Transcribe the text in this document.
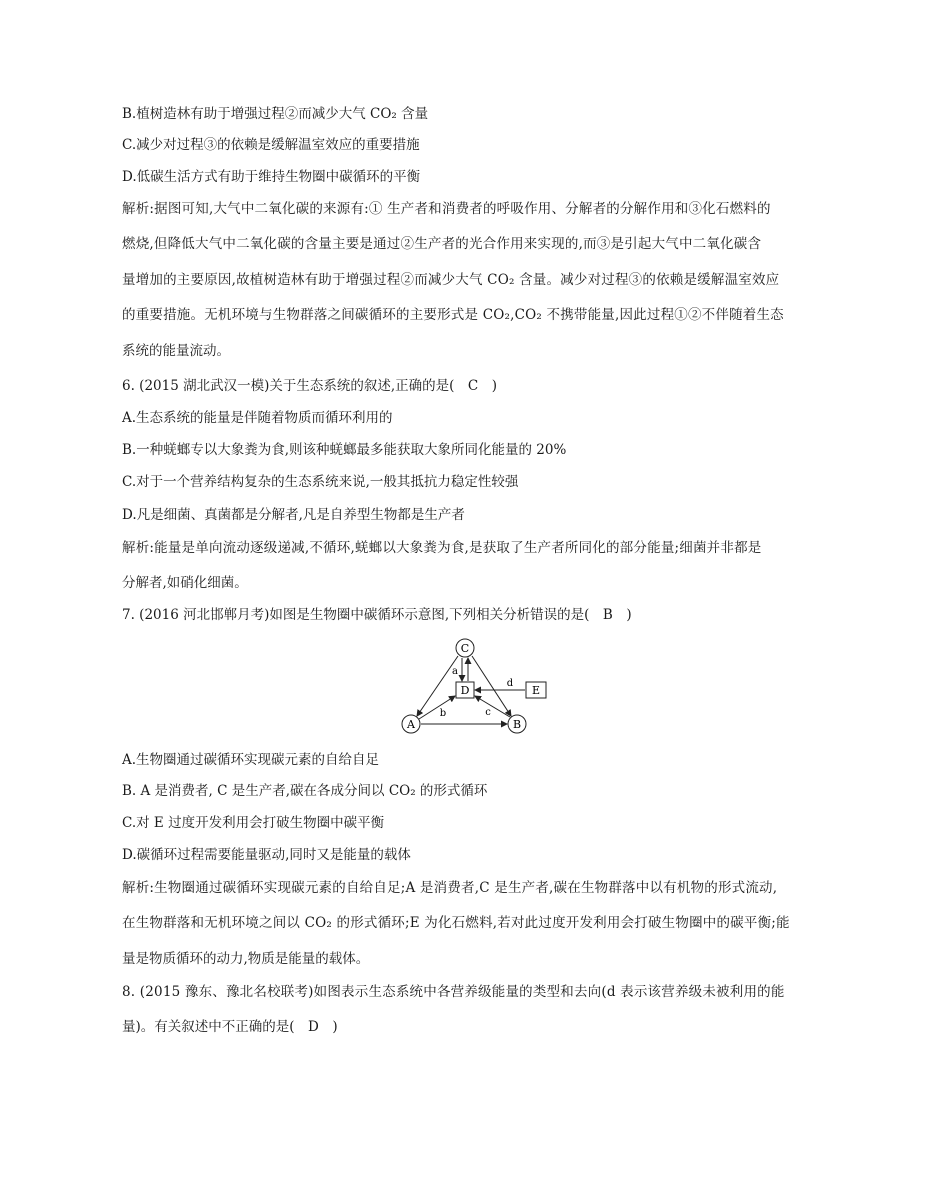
B.植树造林有助于增强过程②而减少大气 CO₂ 含量
C.减少对过程③的依赖是缓解温室效应的重要措施
D.低碳生活方式有助于维持生物圈中碳循环的平衡
解析:据图可知,大气中二氧化碳的来源有:① 生产者和消费者的呼吸作用、分解者的分解作用和③化石燃料的
燃烧,但降低大气中二氧化碳的含量主要是通过②生产者的光合作用来实现的,而③是引起大气中二氧化碳含
量增加的主要原因,故植树造林有助于增强过程②而减少大气 CO₂ 含量。减少对过程③的依赖是缓解温室效应
的重要措施。无机环境与生物群落之间碳循环的主要形式是 CO₂,CO₂ 不携带能量,因此过程①②不伴随着生态
系统的能量流动。
6. (2015 湖北武汉一模)关于生态系统的叙述,正确的是(　C　)
A.生态系统的能量是伴随着物质而循环利用的
B.一种蜣螂专以大象粪为食,则该种蜣螂最多能获取大象所同化能量的 20%
C.对于一个营养结构复杂的生态系统来说,一般其抵抗力稳定性较强
D.凡是细菌、真菌都是分解者,凡是自养型生物都是生产者
解析:能量是单向流动逐级递减,不循环,蜣螂以大象粪为食,是获取了生产者所同化的部分能量;细菌并非都是
分解者,如硝化细菌。
7. (2016 河北邯郸月考)如图是生物圈中碳循环示意图,下列相关分析错误的是(　B　)
C
D	E
A	B
a
b	c
d
A.生物圈通过碳循环实现碳元素的自给自足
B. A 是消费者, C 是生产者,碳在各成分间以 CO₂ 的形式循环
C.对 E 过度开发利用会打破生物圈中碳平衡
D.碳循环过程需要能量驱动,同时又是能量的载体
解析:生物圈通过碳循环实现碳元素的自给自足;A 是消费者,C 是生产者,碳在生物群落中以有机物的形式流动,
在生物群落和无机环境之间以 CO₂ 的形式循环;E 为化石燃料,若对此过度开发利用会打破生物圈中的碳平衡;能
量是物质循环的动力,物质是能量的载体。
8. (2015 豫东、豫北名校联考)如图表示生态系统中各营养级能量的类型和去向(d 表示该营养级未被利用的能
量)。有关叙述中不正确的是(　D　)
